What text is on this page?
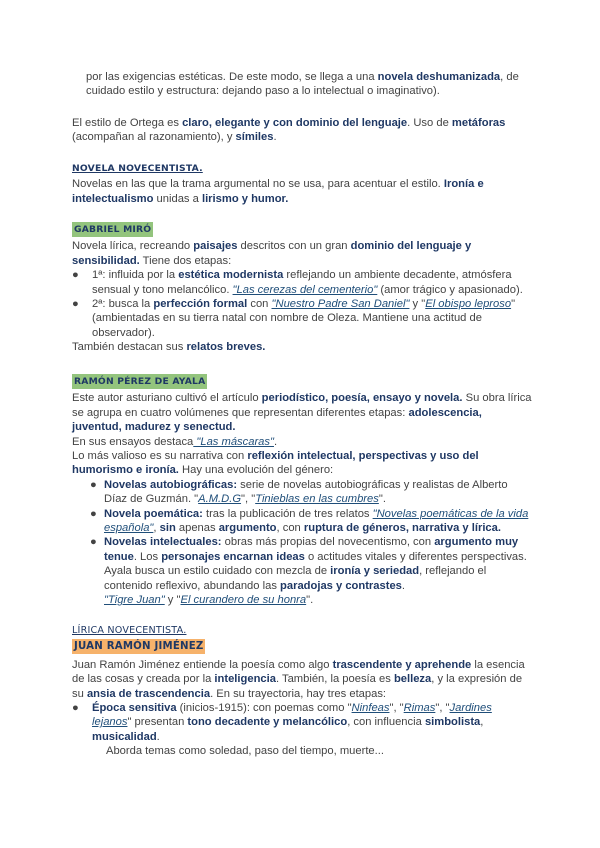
por las exigencias estéticas. De este modo, se llega a una novela deshumanizada, de cuidado estilo y estructura: dejando paso a lo intelectual o imaginativo).

El estilo de Ortega es claro, elegante y con dominio del lenguaje. Uso de metáforas (acompañan al razonamiento), y símiles.

NOVELA NOVECENTISTA.

Novelas en las que la trama argumental no se usa, para acentuar el estilo. Ironía e intelectualismo unidas a lirismo y humor.

GABRIEL MIRÓ

Novela lírica, recreando paisajes descritos con un gran dominio del lenguaje y sensibilidad. Tiene dos etapas:

● 1ª: influida por la estética modernista reflejando un ambiente decadente, atmósfera sensual y tono melancólico. "Las cerezas del cementerio" (amor trágico y apasionado).
● 2ª: busca la perfección formal con "Nuestro Padre San Daniel" y "El obispo leproso" (ambientadas en su tierra natal con nombre de Oleza. Mantiene una actitud de observador).

También destacan sus relatos breves.

RAMÓN PÉREZ DE AYALA

Este autor asturiano cultivó el artículo periodístico, poesía, ensayo y novela. Su obra lírica se agrupa en cuatro volúmenes que representan diferentes etapas: adolescencia, juventud, madurez y senectud.

En sus ensayos destaca "Las máscaras".

Lo más valioso es su narrativa con reflexión intelectual, perspectivas y uso del humorismo e ironía. Hay una evolución del género:

● Novelas autobiográficas: serie de novelas autobiográficas y realistas de Alberto Díaz de Guzmán. "A.M.D.G", "Tinieblas en las cumbres".
● Novela poemática: tras la publicación de tres relatos "Novelas poemáticas de la vida española", sin apenas argumento, con ruptura de géneros, narrativa y lírica.
● Novelas intelectuales: obras más propias del novecentismo, con argumento muy tenue. Los personajes encarnan ideas o actitudes vitales y diferentes perspectivas. Ayala busca un estilo cuidado con mezcla de ironía y seriedad, reflejando el contenido reflexivo, abundando las paradojas y contrastes.
"Tigre Juan" y "El curandero de su honra".
LÍRICA NOVECENTISTA.
JUAN RAMÓN JIMÉNEZ

Juan Ramón Jiménez entiende la poesía como algo trascendente y aprehende la esencia de las cosas y creada por la inteligencia. También, la poesía es belleza, y la expresión de su ansia de trascendencia. En su trayectoria, hay tres etapas:

● Época sensitiva (inicios-1915): con poemas como "Ninfeas", "Rimas", "Jardines lejanos" presentan tono decadente y melancólico, con influencia simbolista, musicalidad.

Aborda temas como soledad, paso del tiempo, muerte...
